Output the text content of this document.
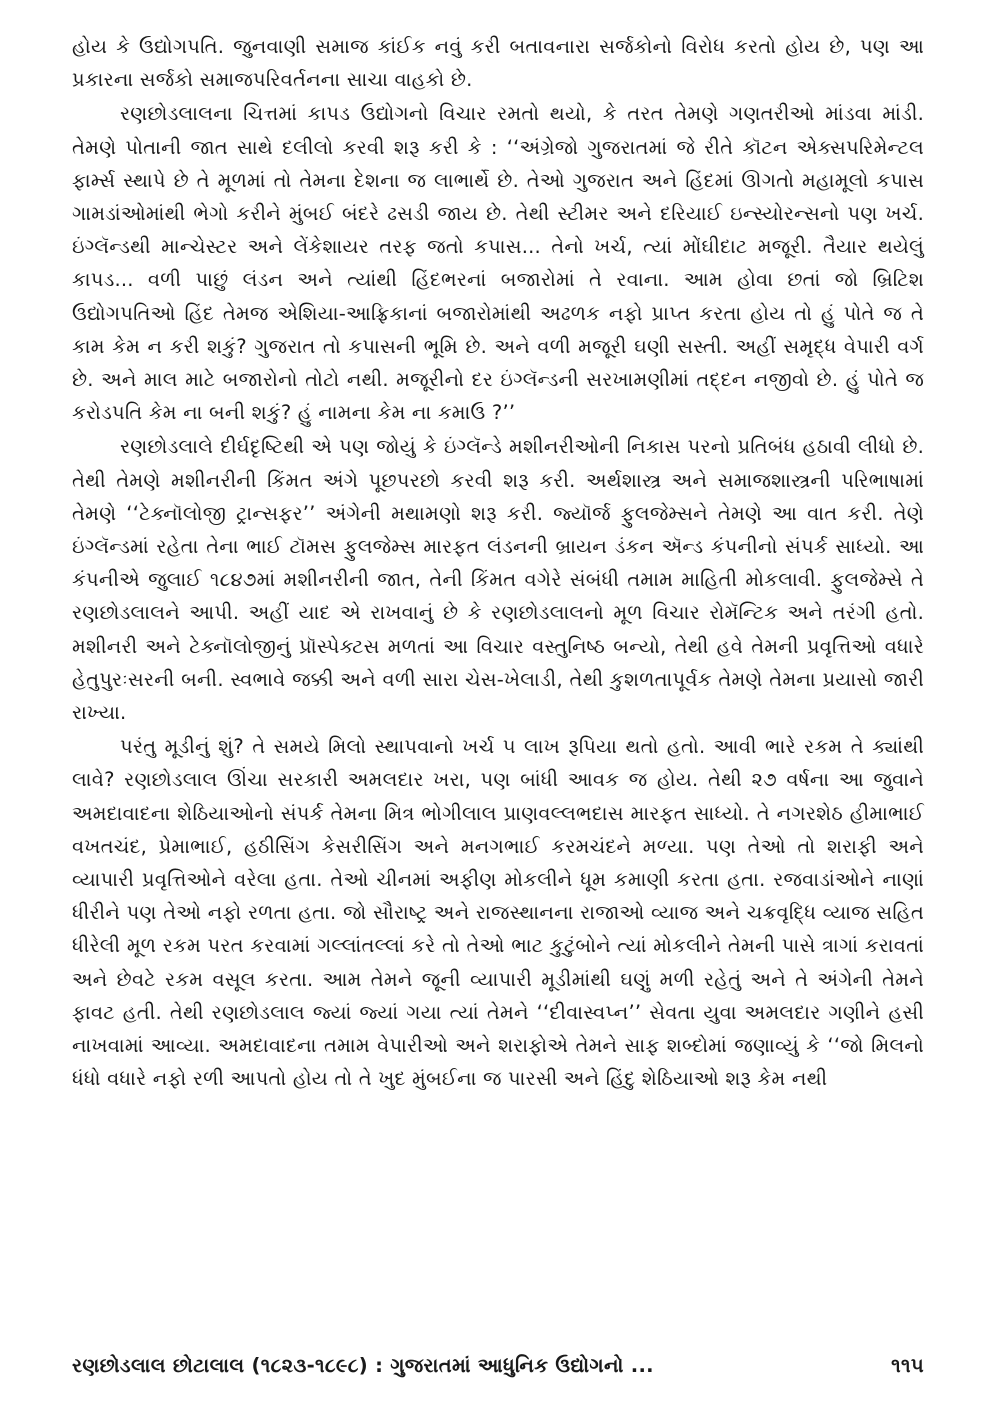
હોય કે ઉદ્યોગપતિ. જુનવાણી સમાજ કાંઈક નવું કરી બતાવનારા સર્જકોનો વિરોધ કરતો હોય છે, પણ આ પ્રકારના સર્જકો સમાજપરિવર્તનના સાચા વાહકો છે.

રણછોડલાલના ચિત્તમાં કાપડ ઉદ્યોગનો વિચાર રમતો થયો, કે તરત તેમણે ગણતરીઓ માંડવા માંડી. તેમણે પોતાની જાત સાથે દલીલો કરવી શરૂ કરી કે : ‘‘અંગ્રેજો ગુજરાતમાં જે રીતે કૉટન એક્સપરિમેન્ટલ ફાર્મ્સ સ્થાપે છે તે મૂળમાં તો તેમના દેશના જ લાભાર્થે છે. તેઓ ગુજરાત અને હિંદમાં ઊગતો મહામૂલો કપાસ ગામડાંઓમાંથી ભેગો કરીને મુંબઈ બંદરે ઢસડી જાય છે. તેથી સ્ટીમર અને દરિયાઈ ઇન્સ્યોરન્સનો પણ ખર્ચ. ઇંગ્લૅન્ડથી માન્ચેસ્ટર અને લેંકેશાયર તરફ જતો કપાસ... તેનો ખર્ચ, ત્યાં મોંઘીદાટ મજૂરી. તૈયાર થયેલું કાપડ... વળી પાછું લંડન અને ત્યાંથી હિંદભરનાં બજારોમાં તે રવાના. આમ હોવા છતાં જો બ્રિટિશ ઉદ્યોગપતિઓ હિંદ તેમજ એશિયા-આફ્રિકાનાં બજારોમાંથી અઢળક નફો પ્રાપ્ત કરતા હોય તો હું પોતે જ તે કામ કેમ ન કરી શકું? ગુજરાત તો કપાસની ભૂમિ છે. અને વળી મજૂરી ઘણી સસ્તી. અહીં સમૃદ્ધ વેપારી વર્ગ છે. અને માલ માટે બજારોનો તોટો નથી. મજૂરીનો દર ઇંગ્લૅન્ડની સરખામણીમાં તદ્દન નજીવો છે. હું પોતે જ કરોડપતિ કેમ ના બની શકું? હું નામના કેમ ના કમાઉ ?’’

રણછોડલાલે દીર્ઘદૃષ્ટિથી એ પણ જોયું કે ઇંગ્લૅન્ડે મશીનરીઓની નિકાસ પરનો પ્રતિબંધ હઠાવી લીધો છે. તેથી તેમણે મશીનરીની કિંમત અંગે પૂછપરછો કરવી શરૂ કરી. અર્થશાસ્ત્ર અને સમાજશાસ્ત્રની પરિભાષામાં તેમણે ‘‘ટેક્નૉલોજી ટ્રાન્સફર’’ અંગેની મથામણો શરૂ કરી. જ્યૉર્જ ફુલજેમ્સને તેમણે આ વાત કરી. તેણે ઇંગ્લૅન્ડમાં રહેતા તેના ભાઈ ટૉમસ ફુલજેમ્સ મારફત લંડનની બ્રાયન ડંકન ઍન્ડ કંપનીનો સંપર્ક સાધ્યો. આ કંપનીએ જુલાઈ ૧૮૪૭માં મશીનરીની જાત, તેની કિંમત વગેરે સંબંધી તમામ માહિતી મોકલાવી. ફુલજેમ્સે તે રણછોડલાલને આપી. અહીં યાદ એ રાખવાનું છે કે રણછોડલાલનો મૂળ વિચાર રોમૅન્ટિક અને તરંગી હતો. મશીનરી અને ટેક્નૉલોજીનું પ્રૉસ્પેક્ટસ મળતાં આ વિચાર વસ્તુનિષ્ઠ બન્યો, તેથી હવે તેમની પ્રવૃત્તિઓ વધારે હેતુપુરઃસરની બની. સ્વભાવે જક્કી અને વળી સારા ચેસ-ખેલાડી, તેથી કુશળતાપૂર્વક તેમણે તેમના પ્રયાસો જારી રાખ્યા.

પરંતુ મૂડીનું શું? તે સમયે મિલો સ્થાપવાનો ખર્ચ ૫ લાખ રૂપિયા થતો હતો. આવી ભારે રકમ તે ક્યાંથી લાવે? રણછોડલાલ ઊંચા સરકારી અમલદાર ખરા, પણ બાંધી આવક જ હોય. તેથી ૨૭ વર્ષના આ જુવાને અમદાવાદના શેઠિયાઓનો સંપર્ક તેમના મિત્ર ભોગીલાલ પ્રાણવલ્લભદાસ મારફત સાધ્યો. તે નગરશેઠ હીમાભાઈ વખતચંદ, પ્રેમાભાઈ, હઠીસિંગ કેસરીસિંગ અને મનગભાઈ કરમચંદને મળ્યા. પણ તેઓ તો શરાફી અને વ્યાપારી પ્રવૃત્તિઓને વરેલા હતા. તેઓ ચીનમાં અફીણ મોકલીને ધૂમ કમાણી કરતા હતા. રજવાડાંઓને નાણાં ધીરીને પણ તેઓ નફો રળતા હતા. જો સૌરાષ્ટ્ર અને રાજસ્થાનના રાજાઓ વ્યાજ અને ચક્રવૃદ્ધિ વ્યાજ સહિત ધીરેલી મૂળ રકમ પરત કરવામાં ગલ્લાંતલ્લાં કરે તો તેઓ ભાટ કુટુંબોને ત્યાં મોકલીને તેમની પાસે ત્રાગાં કરાવતાં અને છેવટે રકમ વસૂલ કરતા. આમ તેમને જૂની વ્યાપારી મૂડીમાંથી ઘણું મળી રહેતું અને તે અંગેની તેમને ફાવટ હતી. તેથી રણછોડલાલ જ્યાં જ્યાં ગયા ત્યાં તેમને ‘‘દીવાસ્વપ્ન’’ સેવતા યુવા અમલદાર ગણીને હસી નાખવામાં આવ્યા. અમદાવાદના તમામ વેપારીઓ અને શરાફોએ તેમને સાફ શબ્દોમાં જણાવ્યું કે ‘‘જો મિલનો ધંધો વધારે નફો રળી આપતો હોય તો તે ખુદ મુંબઈના જ પારસી અને હિંદુ શેઠિયાઓ શરૂ કેમ નથી

રણછોડલાલ છોટાલાલ (૧૮૨૩-૧૮૯૮) : ગુજરાતમાં આધુનિક ઉદ્યોગનો ...	૧૧૫
